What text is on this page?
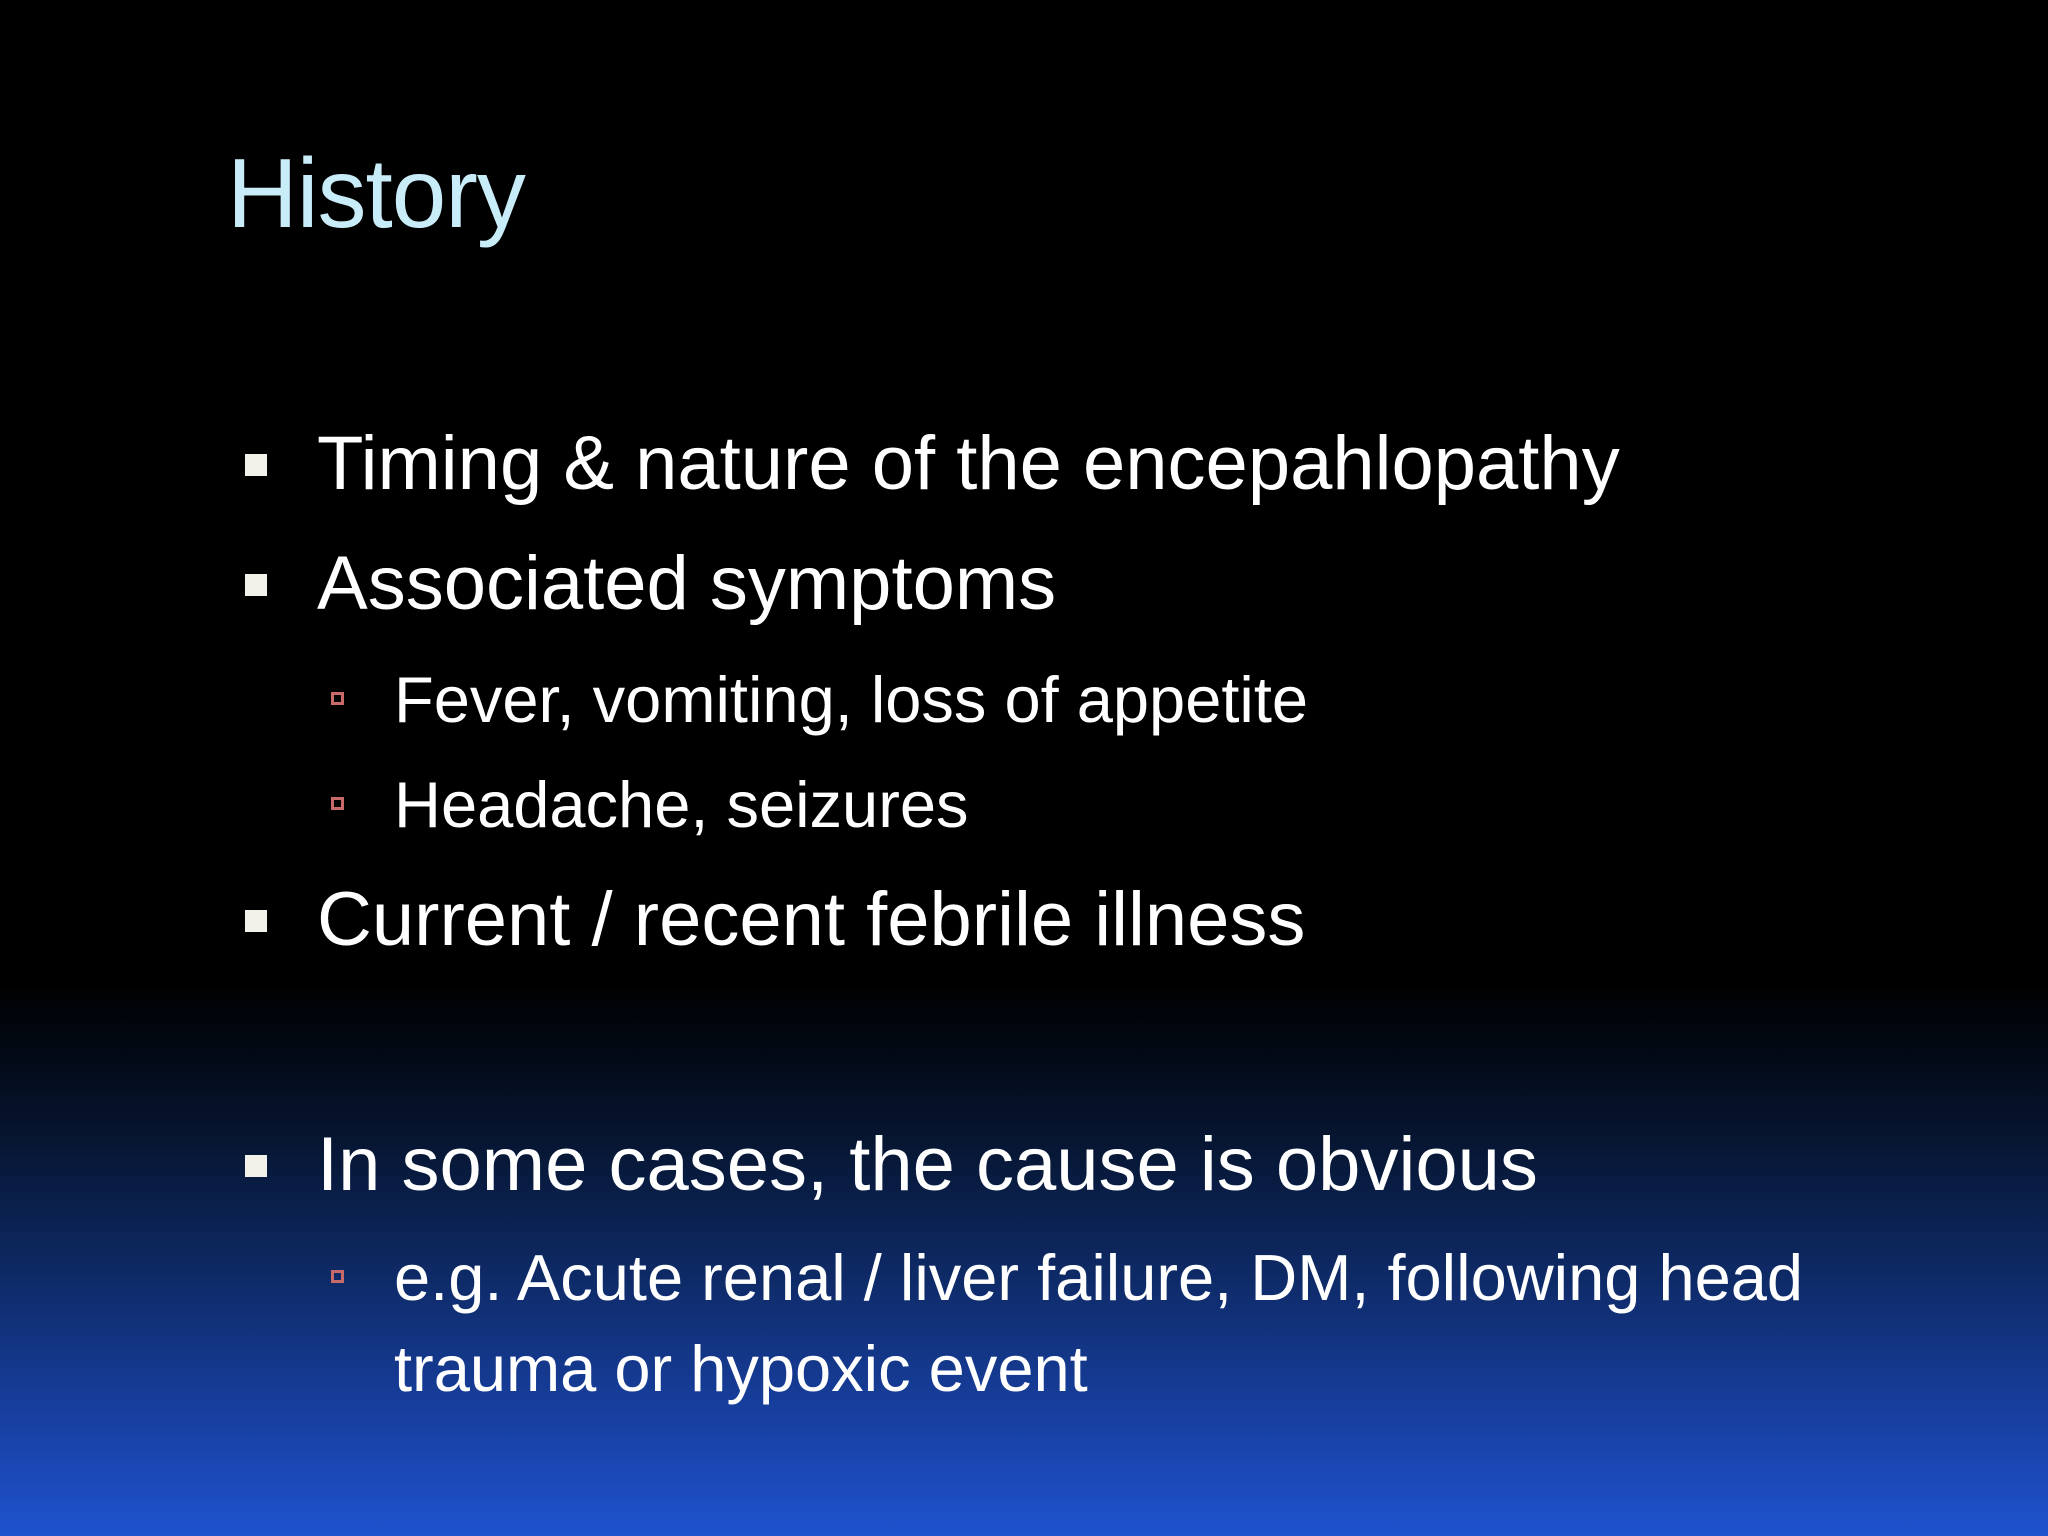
History
Timing & nature of the encepahlopathy
Associated symptoms
Fever, vomiting, loss of appetite
Headache, seizures
Current / recent febrile illness
In some cases, the cause is obvious
e.g. Acute renal / liver failure, DM, following head trauma or hypoxic event
